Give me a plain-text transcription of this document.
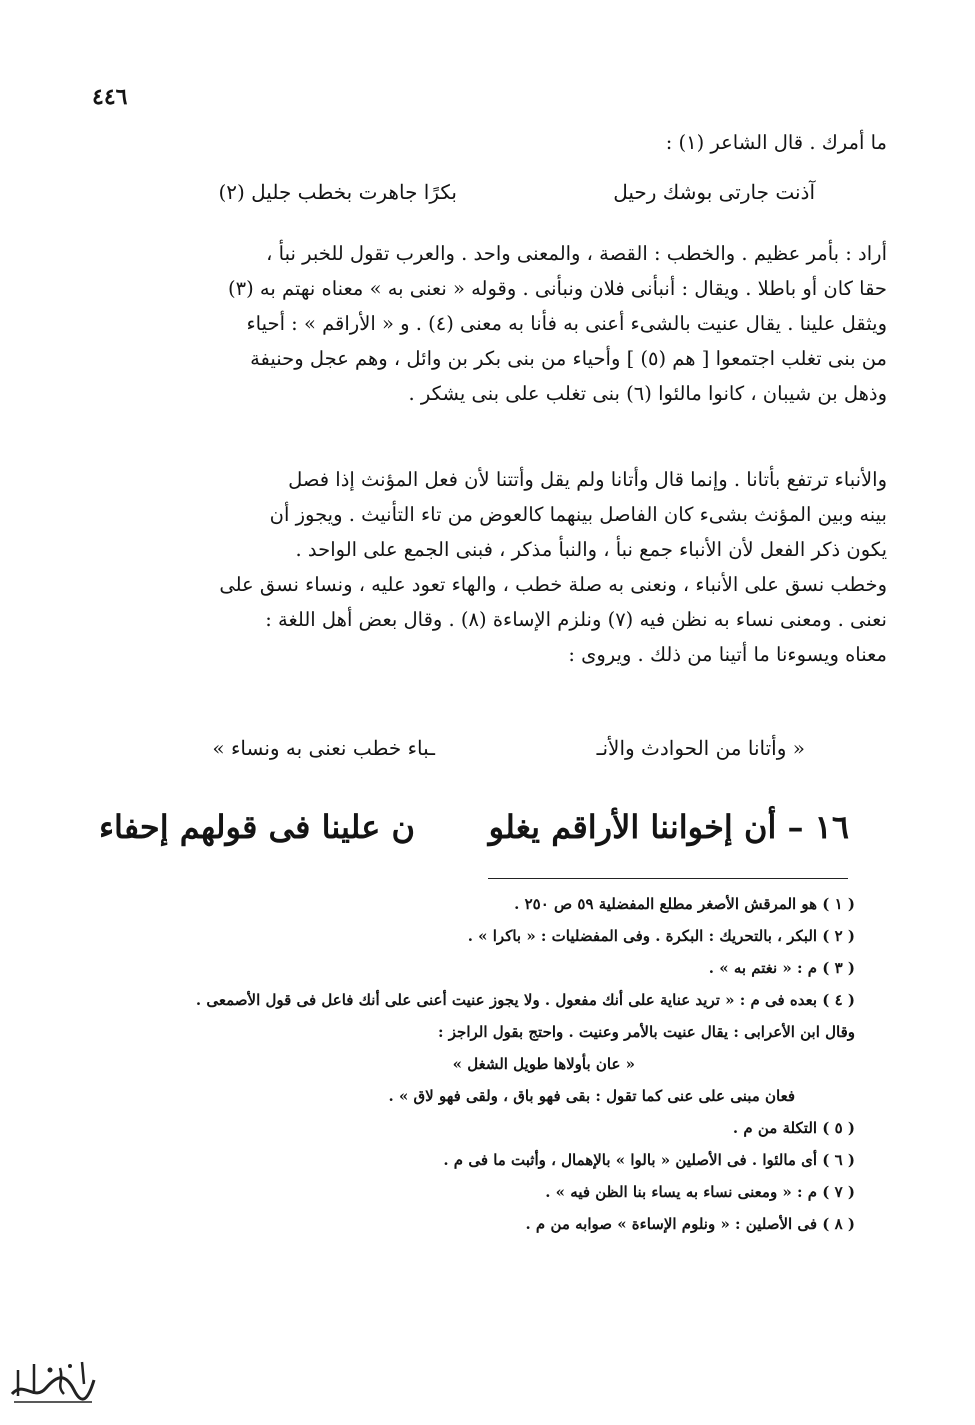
٤٤٦
ما أمرك . قال الشاعر (١) :
آذنت جارتى بوشك رحيل
بكرًا جاهرت بخطب جليل (٢)
أراد : بأمر عظيم . والخطب : القصة ، والمعنى واحد . والعرب تقول للخبر نبأ ،
حقا كان أو باطلا . ويقال : أنبأنى فلان ونبأنى . وقوله « نعنى به » معناه نهتم به (٣)
ويثقل علينا . يقال عنيت بالشىء أعنى به فأنا به معنى (٤) . و « الأراقم » : أحياء
من بنى تغلب اجتمعوا [ هم (٥) ] وأحياء من بنى بكر بن وائل ، وهم عجل وحنيفة
وذهل بن شيبان ، كانوا مالئوا (٦) بنى تغلب على بنى يشكر .
والأنباء ترتفع بأتانا . وإنما قال وأتانا ولم يقل وأتتنا لأن فعل المؤنث إذا فصل
بينه وبين المؤنث بشىء كان الفاصل بينهما كالعوض من تاء التأنيث . ويجوز أن
يكون ذكر الفعل لأن الأنباء جمع نبأ ، والنبأ مذكر ، فبنى الجمع على الواحد .
وخطب نسق على الأنباء ، ونعنى به صلة خطب ، والهاء تعود عليه ، ونساء نسق على
نعنى . ومعنى نساء به نظن فيه (٧) ونلزم الإساءة (٨) . وقال بعض أهل اللغة :
معناه ويسوءنا ما أتينا من ذلك . ويروى :
« وأتانا من الحوادث والأنـ
ـباء خطب نعنى به ونساء »
١٦ – أن إخواننا الأراقم يغلو
ن علينا فى قولهم إحفاء
( ١ ) هو المرقش الأصغر مطلع المفضلية ٥٩ ص ٢٥٠ .
( ٢ ) البكر ، بالتحريك : البكرة . وفى المفضليات : « باكرا » .
( ٣ ) م : « نغتم به » .
( ٤ ) بعده فى م : « تريد عناية على أنك مفعول . ولا يجوز عنيت أعنى على أنك فاعل فى قول الأصمعى .
وقال ابن الأعرابى : يقال عنيت بالأمر وعنيت . واحتج بقول الراجز :
« عان بأولاها طويل الشغل »
فعان مبنى على عنى كما تقول : بقى فهو باق ، ولقى فهو لاق » .
( ٥ ) التكلة من م .
( ٦ ) أى مالئوا . فى الأصلين « بالوا » بالإهمال ، وأثبت ما فى م .
( ٧ ) م : « ومعنى نساء به يساء بنا الظن فيه » .
( ٨ ) فى الأصلين : « ونلوم الإساءة » صوابه من م .
